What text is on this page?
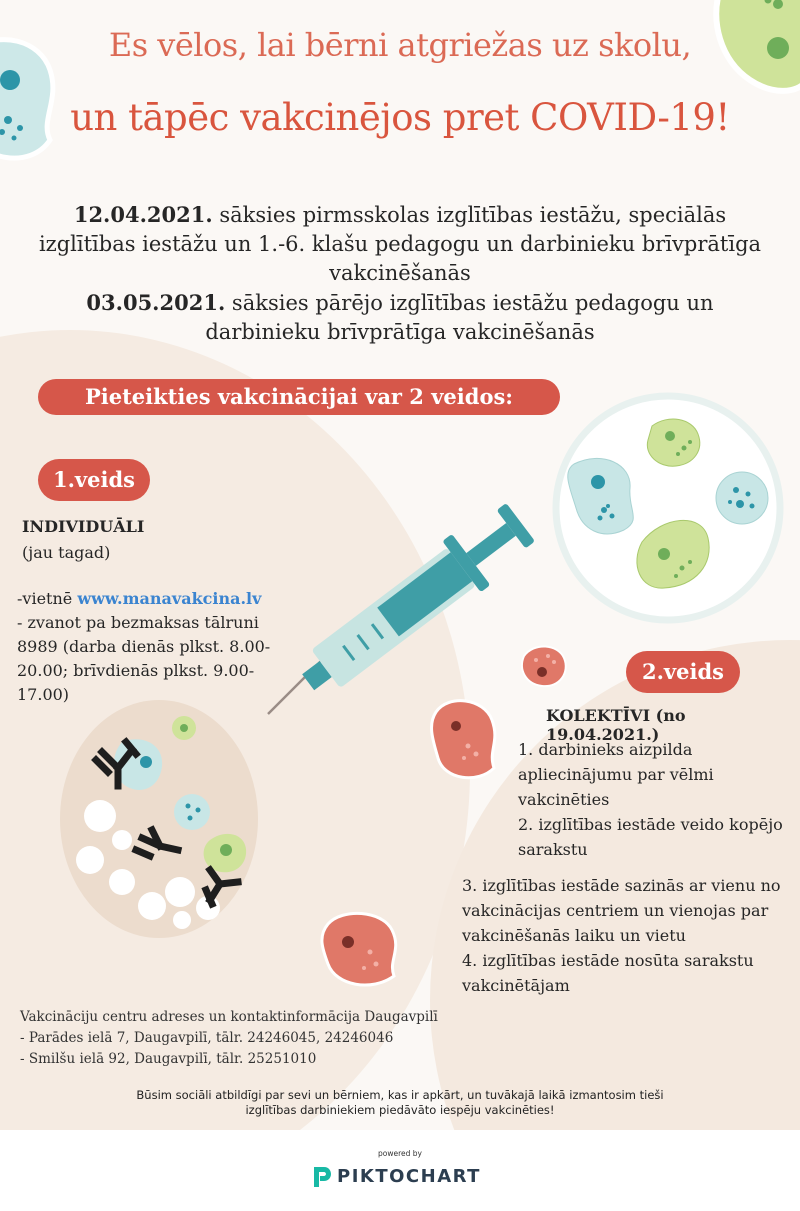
Es vēlos, lai bērni atgriežas uz skolu,
un tāpēc vakcinējos pret COVID-19!
12.04.2021. sāksies pirmsskolas izglītības iestāžu, speciālās izglītības iestāžu un 1.-6. klašu pedagogu un darbinieku brīvprātīga vakcinēšanās
03.05.2021. sāksies pārējo izglītības iestāžu pedagogu un darbinieku brīvprātīga vakcinēšanās
Pieteikties vakcinācijai var 2 veidos:
1.veids
INDIVIDUĀLI
(jau tagad)
-vietnē www.manavakcina.lv
- zvanot pa bezmaksas tālruni 8989 (darba dienās plkst. 8.00-20.00; brīvdienās plkst. 9.00-17.00)
2.veids
KOLEKTĪVI (no 19.04.2021.)
1. darbinieks aizpilda apliecinājumu par vēlmi vakcinēties
2. izglītības iestāde veido kopējo sarakstu
3. izglītības iestāde sazinās ar vienu no vakcinācijas centriem un vienojas par vakcinēšanās laiku un vietu
4. izglītības iestāde nosūta sarakstu vakcinētājam
Vakcināciju centru adreses un kontaktinformācija Daugavpilī
- Parādes ielā 7, Daugavpilī, tālr. 24246045, 24246046
- Smilšu ielā 92, Daugavpilī, tālr. 25251010
Būsim sociāli atbildīgi par sevi un bērniem, kas ir apkārt, un tuvākajā laikā izmantosim tieši izglītības darbiniekiem piedāvāto iespēju vakcinēties!
powered by
PIKTOCHART
